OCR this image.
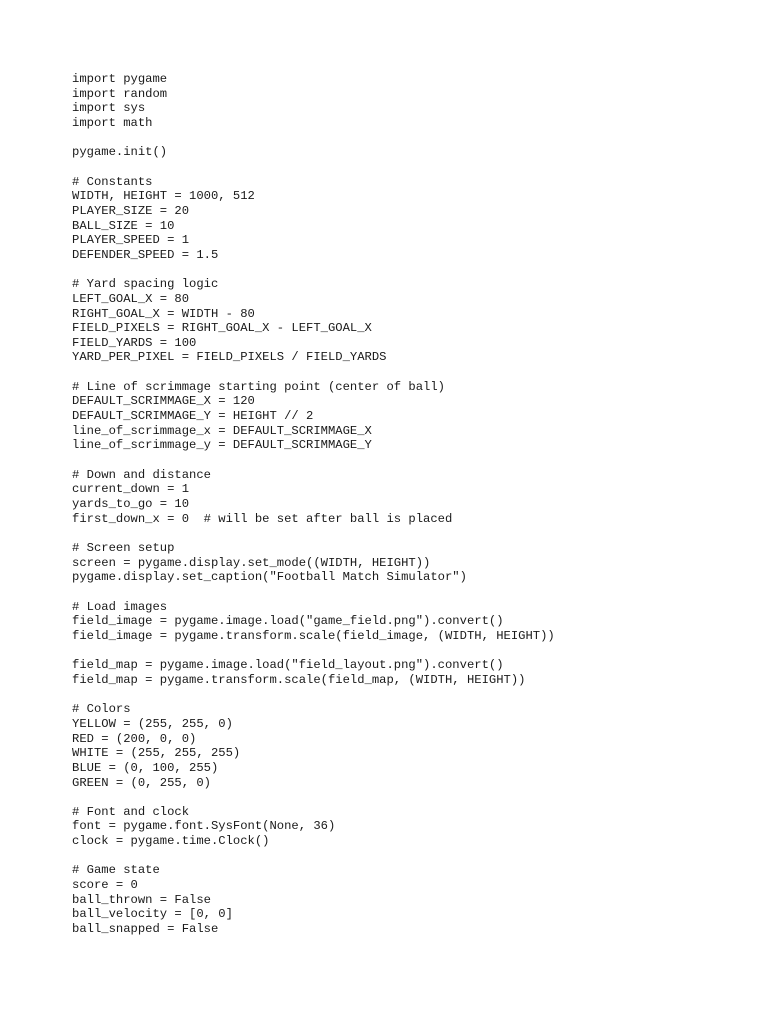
import pygame
import random
import sys
import math
pygame.init()
# Constants
WIDTH, HEIGHT = 1000, 512
PLAYER_SIZE = 20
BALL_SIZE = 10
PLAYER_SPEED = 1
DEFENDER_SPEED = 1.5
# Yard spacing logic
LEFT_GOAL_X = 80
RIGHT_GOAL_X = WIDTH - 80
FIELD_PIXELS = RIGHT_GOAL_X - LEFT_GOAL_X
FIELD_YARDS = 100
YARD_PER_PIXEL = FIELD_PIXELS / FIELD_YARDS
# Line of scrimmage starting point (center of ball)
DEFAULT_SCRIMMAGE_X = 120
DEFAULT_SCRIMMAGE_Y = HEIGHT // 2
line_of_scrimmage_x = DEFAULT_SCRIMMAGE_X
line_of_scrimmage_y = DEFAULT_SCRIMMAGE_Y
# Down and distance
current_down = 1
yards_to_go = 10
first_down_x = 0  # will be set after ball is placed
# Screen setup
screen = pygame.display.set_mode((WIDTH, HEIGHT))
pygame.display.set_caption("Football Match Simulator")
# Load images
field_image = pygame.image.load("game_field.png").convert()
field_image = pygame.transform.scale(field_image, (WIDTH, HEIGHT))
field_map = pygame.image.load("field_layout.png").convert()
field_map = pygame.transform.scale(field_map, (WIDTH, HEIGHT))
# Colors
YELLOW = (255, 255, 0)
RED = (200, 0, 0)
WHITE = (255, 255, 255)
BLUE = (0, 100, 255)
GREEN = (0, 255, 0)
# Font and clock
font = pygame.font.SysFont(None, 36)
clock = pygame.time.Clock()
# Game state
score = 0
ball_thrown = False
ball_velocity = [0, 0]
ball_snapped = False
